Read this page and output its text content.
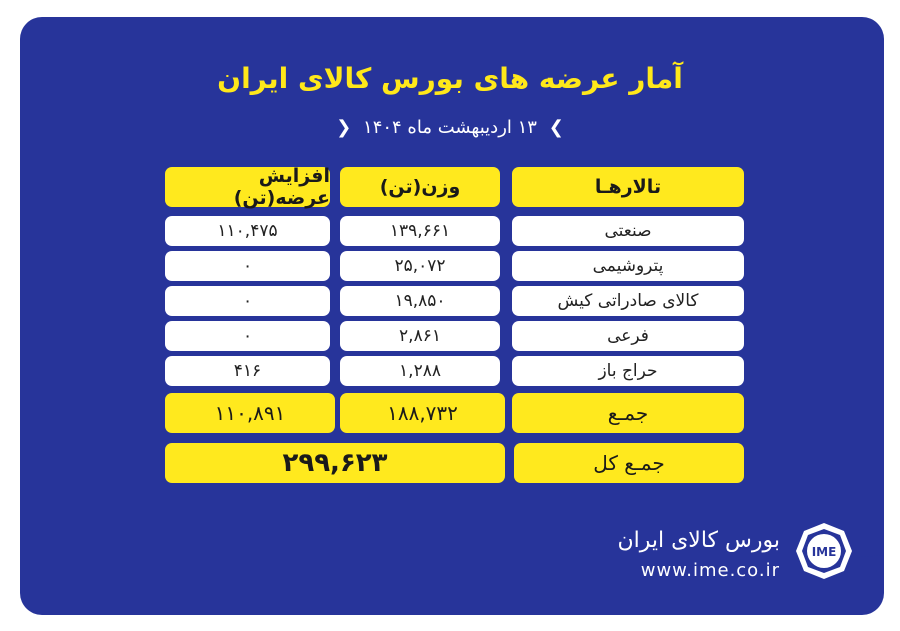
آمار عرضه های بورس کالای ایران
❯ ۱۳ اردیبهشت ماه ۱۴۰۴ ❮
تالارهـا
وزن(تن)
افزایش عرضه(تن)
صنعتی
۱۳۹,۶۶۱
۱۱۰,۴۷۵
پتروشیمی
۲۵,۰۷۲
۰
کالای صادراتی کیش
۱۹,۸۵۰
۰
فرعی
۲,۸۶۱
۰
حراج باز
۱,۲۸۸
۴۱۶
جمـع
۱۸۸,۷۳۲
۱۱۰,۸۹۱
جمـع کل
۲۹۹,۶۲۳
بورس کالای ایران
www.ime.co.ir
IME
